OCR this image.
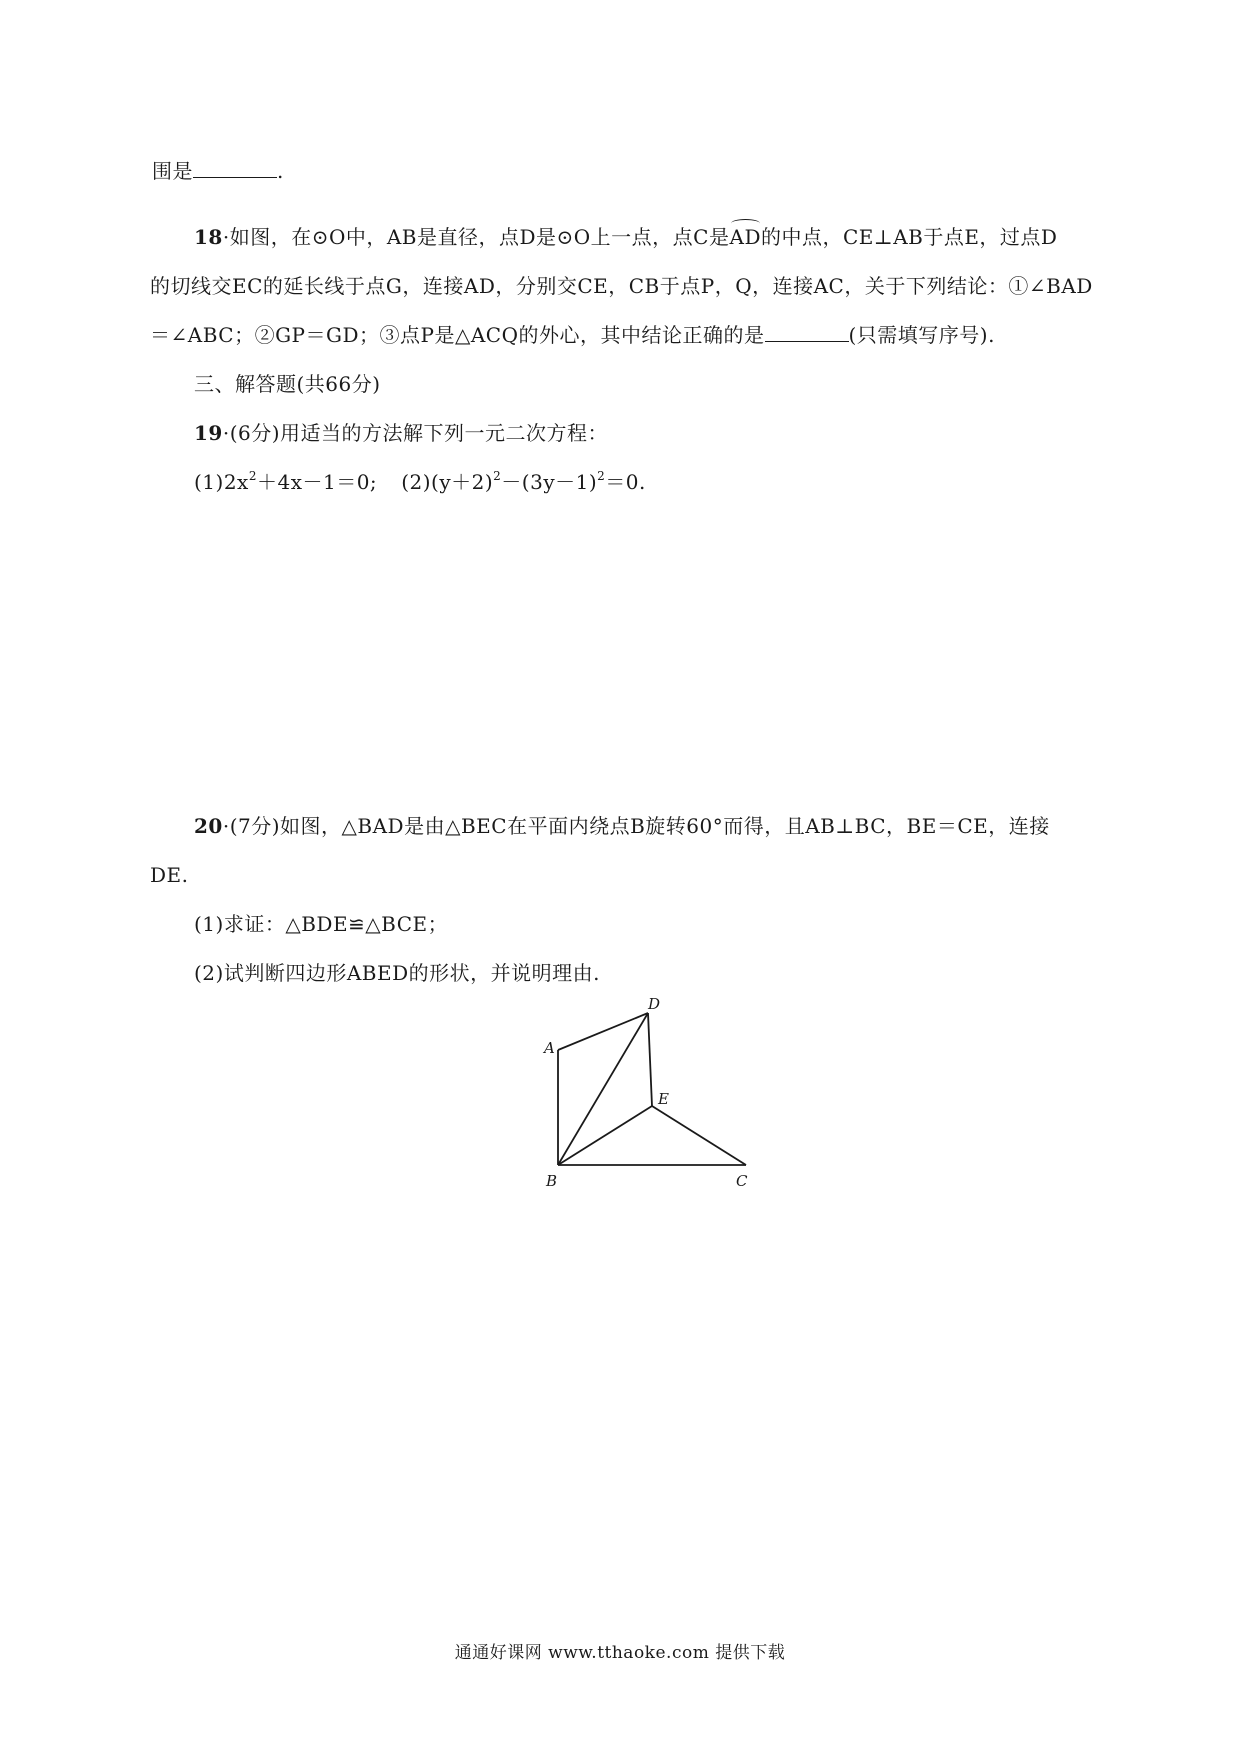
围是	.
18·如图，在⊙O中，AB是直径，点D是⊙O上一点，点C是AD的中点，CE⊥AB于点E，过点D
的切线交EC的延长线于点G，连接AD，分别交CE，CB于点P，Q，连接AC，关于下列结论：①∠BAD
＝∠ABC；②GP＝GD；③点P是△ACQ的外心，其中结论正确的是	(只需填写序号).
三、解答题(共66分)
19·(6分)用适当的方法解下列一元二次方程：
$(1)2x^2+4x-1=0$; $(2)(y+2)^2-(3y-1)^2=0$.
20·(7分)如图，△BAD是由△BEC在平面内绕点B旋转60°而得，且AB⊥BC，BE＝CE，连接
DE.
(1)求证：△BDE≌△BCE；
(2)试判断四边形ABED的形状，并说明理由.
A
D
E
B	C
通通好课网 www.tthaoke.com 提供下载
